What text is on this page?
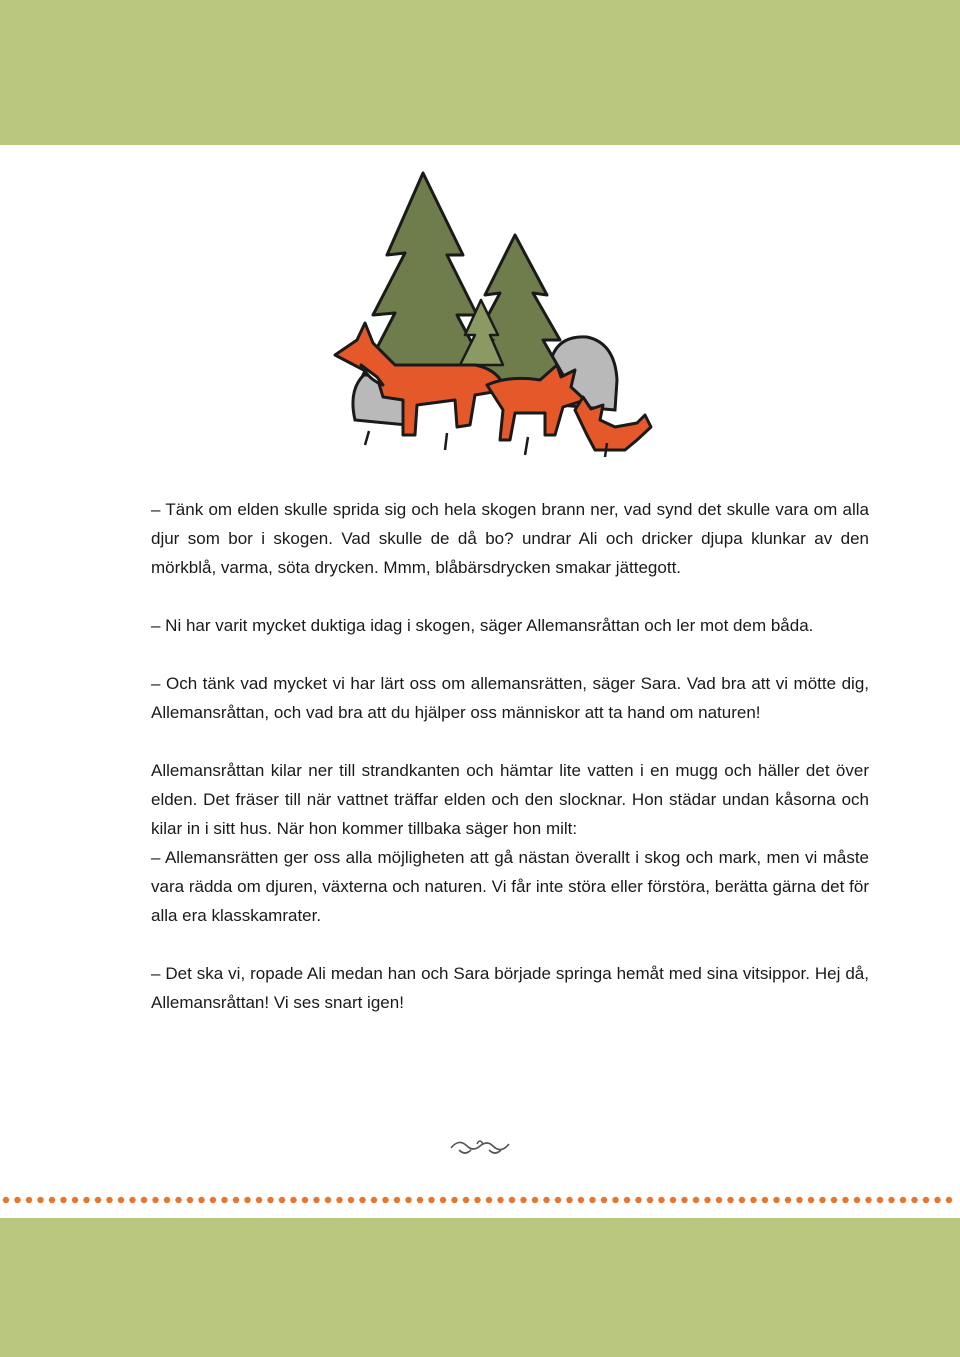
– Tänk om elden skulle sprida sig och hela skogen brann ner, vad synd det skulle vara om alla djur som bor i skogen. Vad skulle de då bo? undrar Ali och dricker djupa klunkar av den mörkblå, varma, söta drycken. Mmm, blåbärsdrycken smakar jättegott.

– Ni har varit mycket duktiga idag i skogen, säger Allemansråttan och ler mot dem båda.

– Och tänk vad mycket vi har lärt oss om allemansrätten, säger Sara. Vad bra att vi mötte dig, Allemansråttan, och vad bra att du hjälper oss människor att ta hand om naturen!

Allemansråttan kilar ner till strandkanten och hämtar lite vatten i en mugg och häller det över elden. Det fräser till när vattnet träffar elden och den slocknar. Hon städar undan kåsorna och kilar in i sitt hus. När hon kommer tillbaka säger hon milt:

– Allemansrätten ger oss alla möjligheten att gå nästan överallt i skog och mark, men vi måste vara rädda om djuren, växterna och naturen. Vi får inte störa eller förstöra, berätta gärna det för alla era klasskamrater.

– Det ska vi, ropade Ali medan han och Sara började springa hemåt med sina vitsippor. Hej då, Allemansråttan! Vi ses snart igen!
